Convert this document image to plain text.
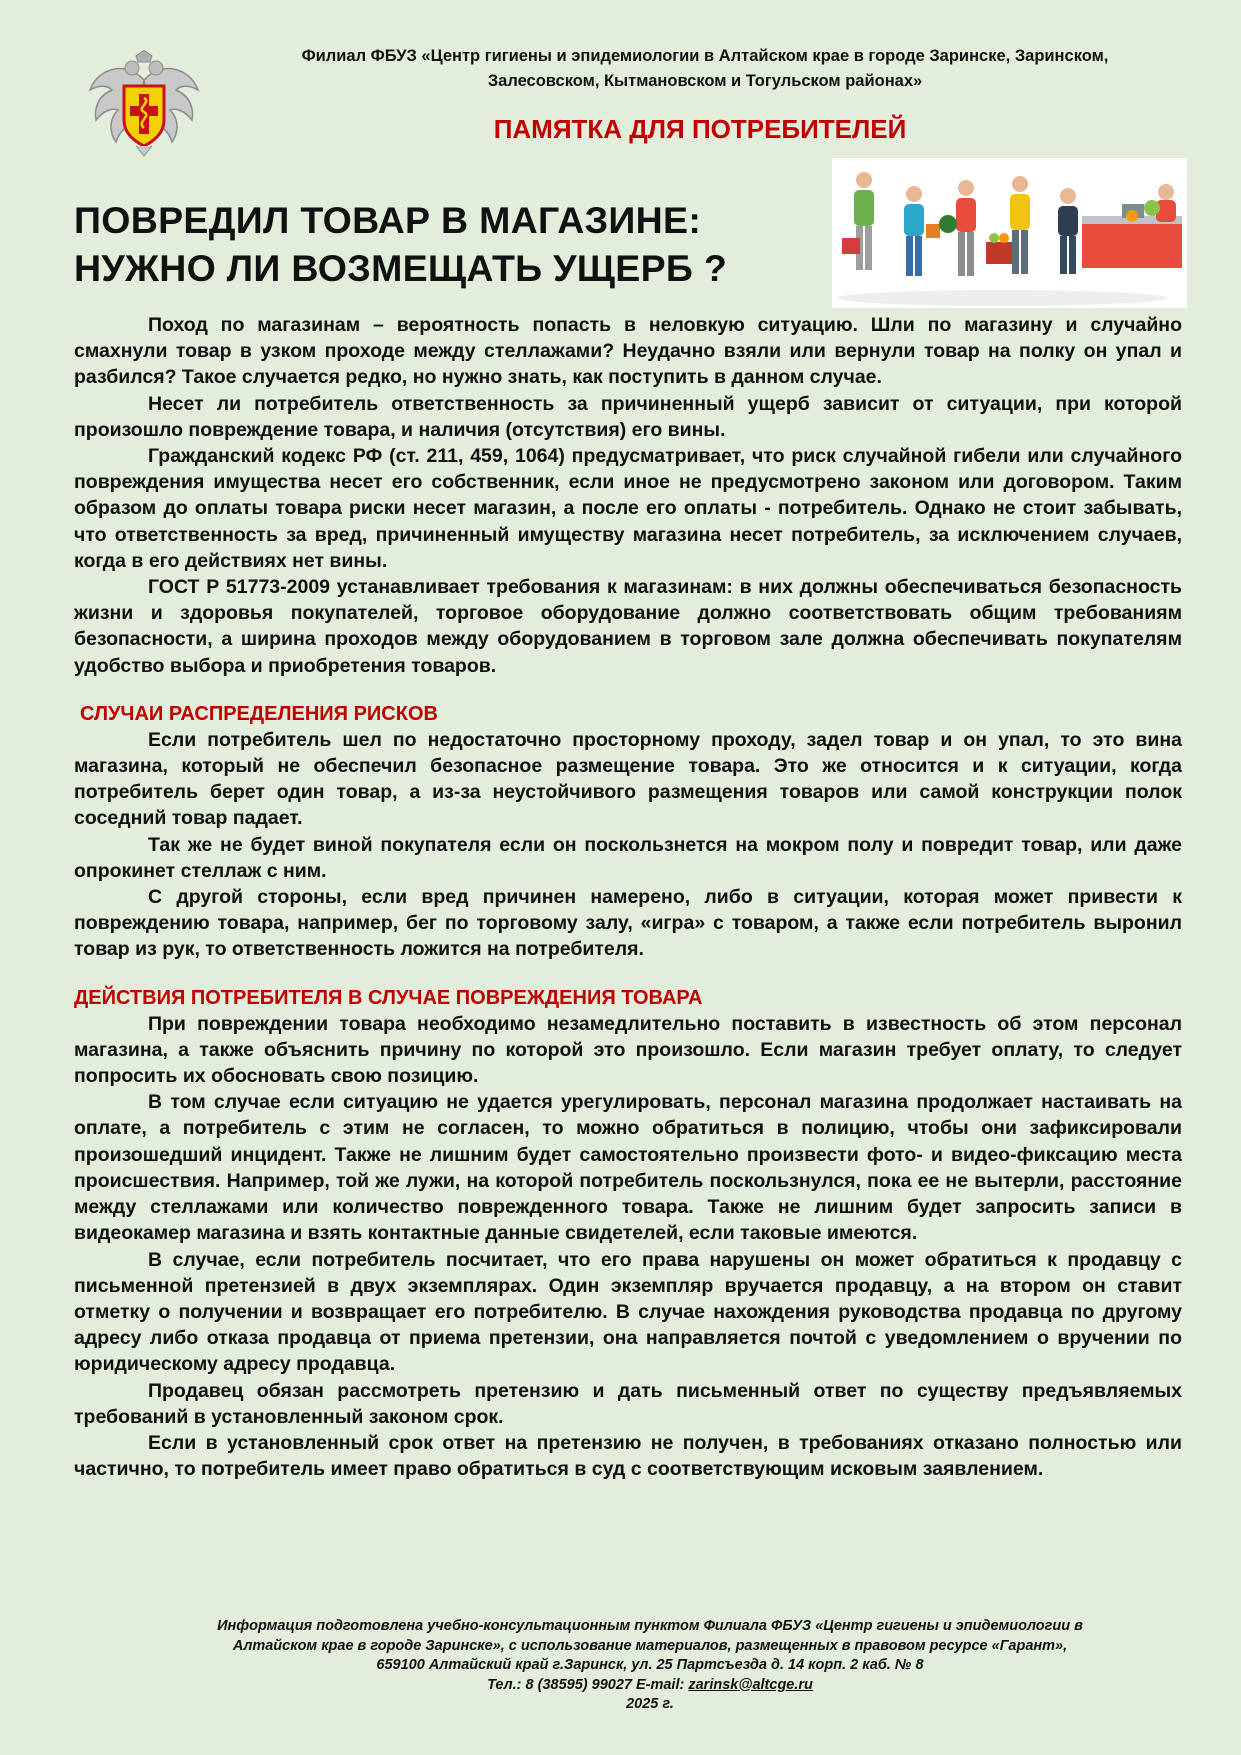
Филиал ФБУЗ «Центр гигиены и эпидемиологии в Алтайском крае в городе Заринске, Заринском,
Залесовском, Кытмановском и Тогульском районах»
ПАМЯТКА ДЛЯ ПОТРЕБИТЕЛЕЙ
ПОВРЕДИЛ ТОВАР В МАГАЗИНЕ:
НУЖНО ЛИ ВОЗМЕЩАТЬ УЩЕРБ ?

Поход по магазинам – вероятность попасть в неловкую ситуацию. Шли по магазину и случайно смахнули товар в узком проходе между стеллажами? Неудачно взяли или вернули товар на полку он упал и разбился? Такое случается редко, но нужно знать, как поступить в данном случае.

Несет ли потребитель ответственность за причиненный ущерб зависит от ситуации, при которой произошло повреждение товара, и наличия (отсутствия) его вины.

Гражданский кодекс РФ (ст. 211, 459, 1064) предусматривает, что риск случайной гибели или случайного повреждения имущества несет его собственник, если иное не предусмотрено законом или договором. Таким образом до оплаты товара риски несет магазин, а после его оплаты - потребитель. Однако не стоит забывать, что ответственность за вред, причиненный имуществу магазина несет потребитель, за исключением случаев, когда в его действиях нет вины.

ГОСТ Р 51773-2009 устанавливает требования к магазинам: в них должны обеспечиваться безопасность жизни и здоровья покупателей, торговое оборудование должно соответствовать общим требованиям безопасности, а ширина проходов между оборудованием в торговом зале должна обеспечивать покупателям удобство выбора и приобретения товаров.

СЛУЧАИ РАСПРЕДЕЛЕНИЯ РИСКОВ

Если потребитель шел по недостаточно просторному проходу, задел товар и он упал, то это вина магазина, который не обеспечил безопасное размещение товара. Это же относится и к ситуации, когда потребитель берет один товар, а из-за неустойчивого размещения товаров или самой конструкции полок соседний товар падает.

Так же не будет виной покупателя если он поскользнется на мокром полу и повредит товар, или даже опрокинет стеллаж с ним.

С другой стороны, если вред причинен намерено, либо в ситуации, которая может привести к повреждению товара, например, бег по торговому залу, «игра» с товаром, а также если потребитель выронил товар из рук, то ответственность ложится на потребителя.

ДЕЙСТВИЯ ПОТРЕБИТЕЛЯ В СЛУЧАЕ ПОВРЕЖДЕНИЯ ТОВАРА

При повреждении товара необходимо незамедлительно поставить в известность об этом персонал магазина, а также объяснить причину по которой это произошло. Если магазин требует оплату, то следует попросить их обосновать свою позицию.

В том случае если ситуацию не удается урегулировать, персонал магазина продолжает настаивать на оплате, а потребитель с этим не согласен, то можно обратиться в полицию, чтобы они зафиксировали произошедший инцидент. Также не лишним будет самостоятельно произвести фото- и видео-фиксацию места происшествия. Например, той же лужи, на которой потребитель поскользнулся, пока ее не вытерли, расстояние между стеллажами или количество поврежденного товара. Также не лишним будет запросить записи в видеокамер магазина и взять контактные данные свидетелей, если таковые имеются.

В случае, если потребитель посчитает, что его права нарушены он может обратиться к продавцу с письменной претензией в двух экземплярах. Один экземпляр вручается продавцу, а на втором он ставит отметку о получении и возвращает его потребителю. В случае нахождения руководства продавца по другому адресу либо отказа продавца от приема претензии, она направляется почтой с уведомлением о вручении по юридическому адресу продавца.

Продавец обязан рассмотреть претензию и дать письменный ответ по существу предъявляемых требований в установленный законом срок.

Если в установленный срок ответ на претензию не получен, в требованиях отказано полностью или частично, то потребитель имеет право обратиться в суд с соответствующим исковым заявлением.

Информация подготовлена учебно-консультационным пунктом Филиала ФБУЗ «Центр гигиены и эпидемиологии в
Алтайском крае в городе Заринске», с использование материалов, размещенных в правовом ресурсе «Гарант»,
659100 Алтайский край г.Заринск, ул. 25 Партсъезда д. 14 корп. 2 каб. № 8
Тел.: 8 (38595) 99027 E-mail: zarinsk@altcge.ru
2025 г.
